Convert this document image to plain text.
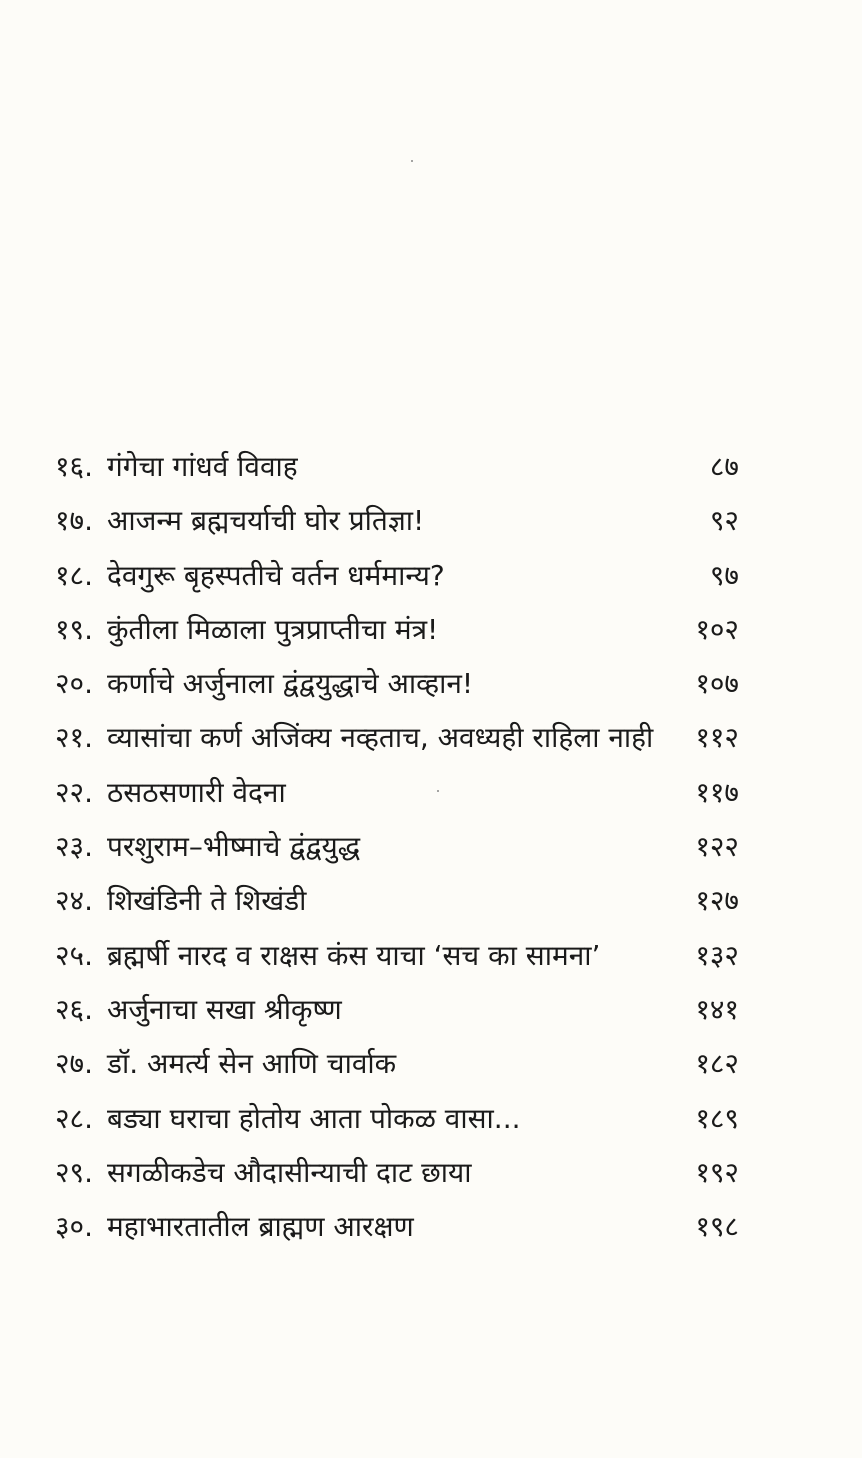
१६. गंगेचा गांधर्व विवाह	८७
१७. आजन्म ब्रह्मचर्याची घोर प्रतिज्ञा!	९२
१८. देवगुरू बृहस्पतीचे वर्तन धर्ममान्य?	९७
१९. कुंतीला मिळाला पुत्रप्राप्तीचा मंत्र!	१०२
२०. कर्णाचे अर्जुनाला द्वंद्वयुद्धाचे आव्हान!	१०७
२१. व्यासांचा कर्ण अजिंक्य नव्हताच, अवध्यही राहिला नाही ११२
२२. ठसठसणारी वेदना	११७
२३. परशुराम–भीष्माचे द्वंद्वयुद्ध	१२२
२४. शिखंडिनी ते शिखंडी	१२७
२५. ब्रह्मर्षी नारद व राक्षस कंस याचा ‘सच का सामना’	१३२
२६. अर्जुनाचा सखा श्रीकृष्ण	१४१
२७. डॉ. अमर्त्य सेन आणि चार्वाक	१८२
२८. बड्या घराचा होतोय आता पोकळ वासा...	१८९
२९. सगळीकडेच औदासीन्याची दाट छाया	१९२
३०. महाभारतातील ब्राह्मण आरक्षण	१९८
